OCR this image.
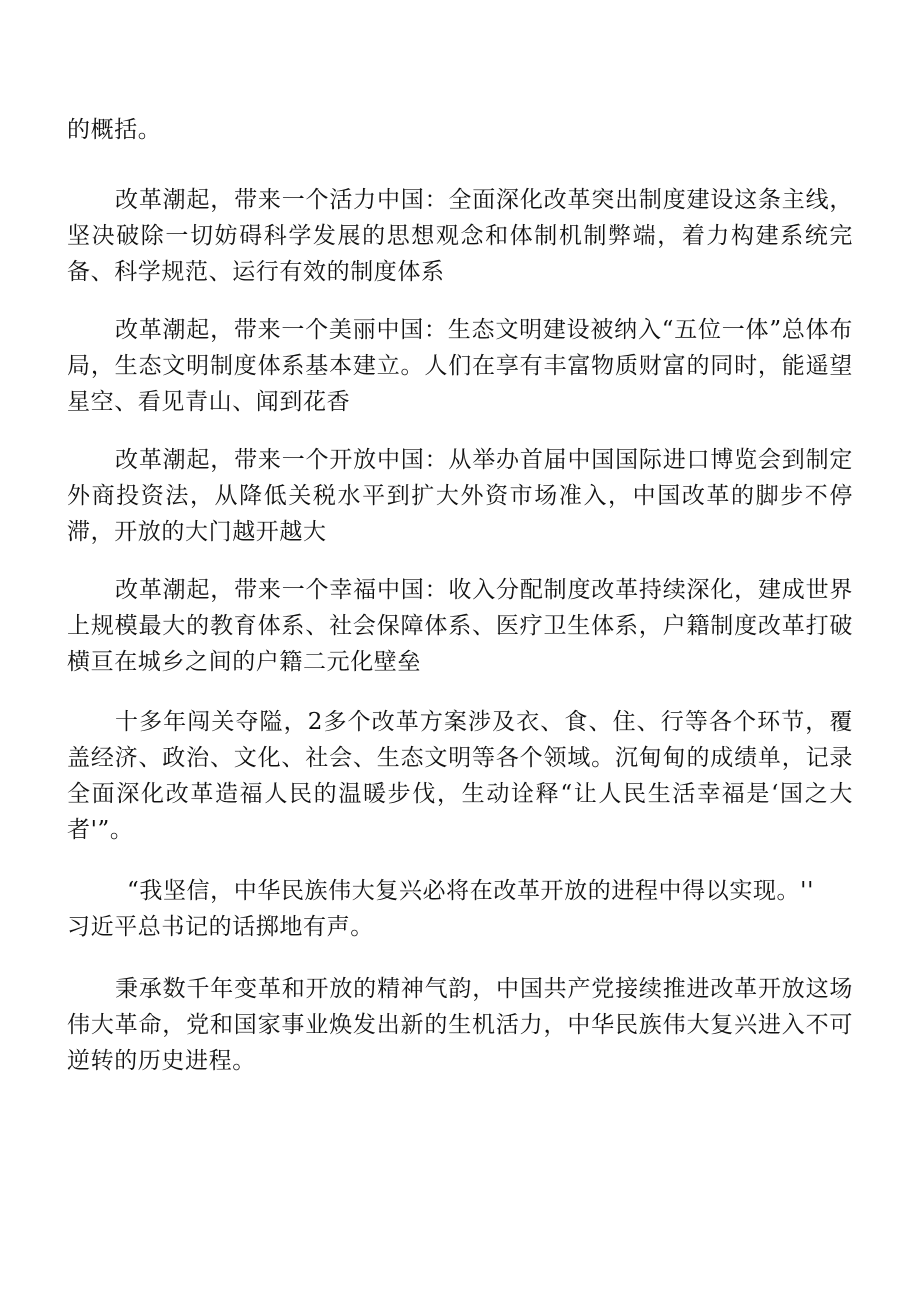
的概括。

改革潮起，带来一个活力中国：全面深化改革突出制度建设这条主线，坚决破除一切妨碍科学发展的思想观念和体制机制弊端，着力构建系统完备、科学规范、运行有效的制度体系

改革潮起，带来一个美丽中国：生态文明建设被纳入“五位一体”总体布局，生态文明制度体系基本建立。人们在享有丰富物质财富的同时，能遥望星空、看见青山、闻到花香

改革潮起，带来一个开放中国：从举办首届中国国际进口博览会到制定外商投资法，从降低关税水平到扩大外资市场准入，中国改革的脚步不停滞，开放的大门越开越大

改革潮起，带来一个幸福中国：收入分配制度改革持续深化，建成世界上规模最大的教育体系、社会保障体系、医疗卫生体系，户籍制度改革打破横亘在城乡之间的户籍二元化壁垒

十多年闯关夺隘，2多个改革方案涉及衣、食、住、行等各个环节，覆盖经济、政治、文化、社会、生态文明等各个领域。沉甸甸的成绩单，记录全面深化改革造福人民的温暖步伐，生动诠释“让人民生活幸福是‘国之大者'”。

“我坚信，中华民族伟大复兴必将在改革开放的进程中得以实现。''

习近平总书记的话掷地有声。

秉承数千年变革和开放的精神气韵，中国共产党接续推进改革开放这场伟大革命，党和国家事业焕发出新的生机活力，中华民族伟大复兴进入不可逆转的历史进程。
